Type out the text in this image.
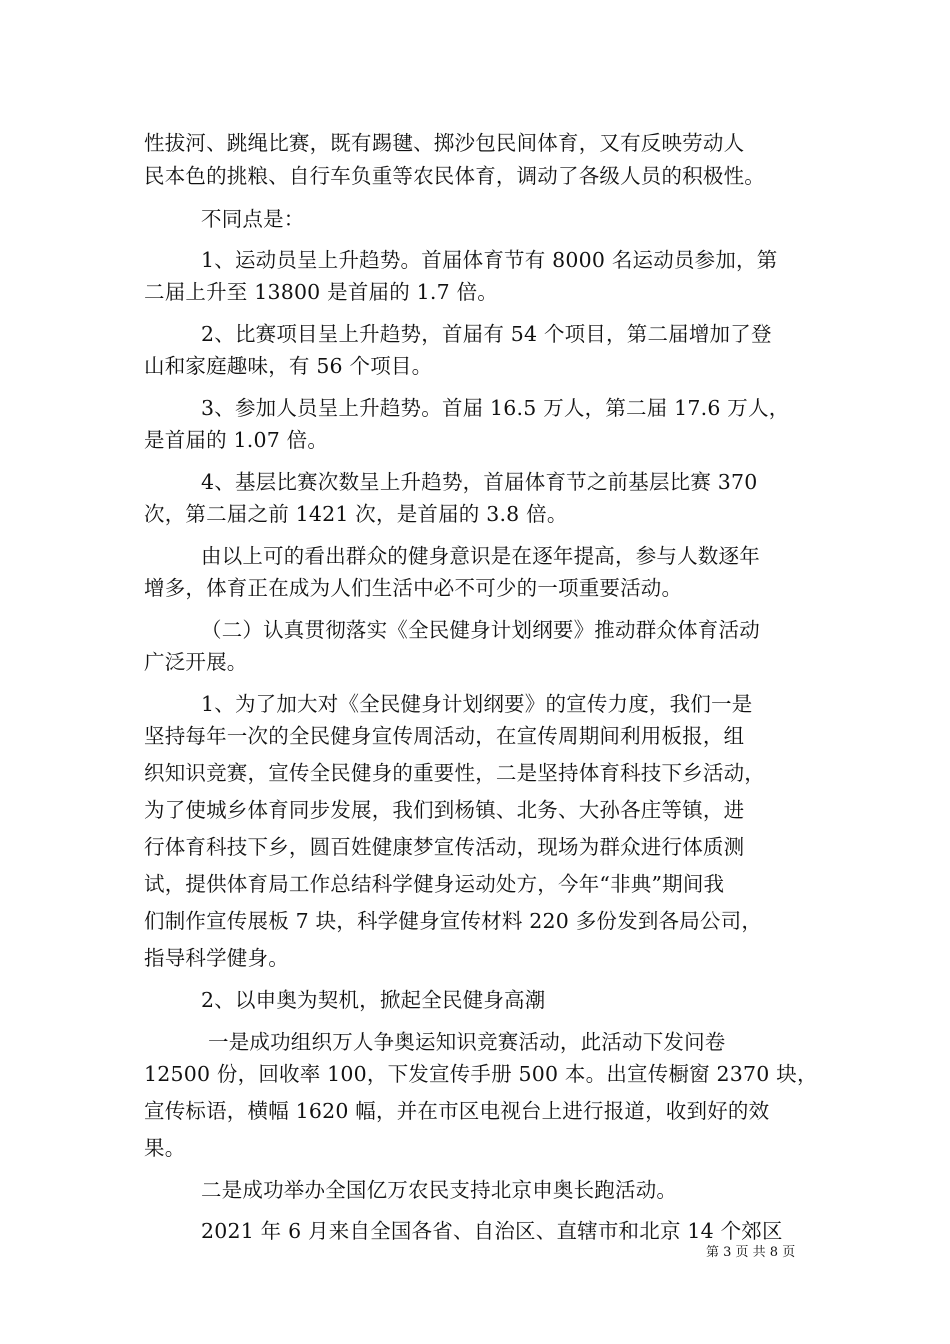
性拔河、跳绳比赛，既有踢毽、掷沙包民间体育，又有反映劳动人
民本色的挑粮、自行车负重等农民体育，调动了各级人员的积极性。
不同点是：
1、运动员呈上升趋势。首届体育节有 8000 名运动员参加，第
二届上升至 13800 是首届的 1.7 倍。
2、比赛项目呈上升趋势，首届有 54 个项目，第二届增加了登
山和家庭趣味，有 56 个项目。
3、参加人员呈上升趋势。首届 16.5 万人，第二届 17.6 万人，
是首届的 1.07 倍。
4、基层比赛次数呈上升趋势，首届体育节之前基层比赛 370
次，第二届之前 1421 次，是首届的 3.8 倍。
由以上可的看出群众的健身意识是在逐年提高，参与人数逐年
增多，体育正在成为人们生活中必不可少的一项重要活动。
（二）认真贯彻落实《全民健身计划纲要》推动群众体育活动
广泛开展。
1、为了加大对《全民健身计划纲要》的宣传力度，我们一是
坚持每年一次的全民健身宣传周活动，在宣传周期间利用板报，组
织知识竞赛，宣传全民健身的重要性，二是坚持体育科技下乡活动，
为了使城乡体育同步发展，我们到杨镇、北务、大孙各庄等镇，进
行体育科技下乡，圆百姓健康梦宣传活动，现场为群众进行体质测
试，提供体育局工作总结科学健身运动处方，今年“非典”期间我
们制作宣传展板 7 块，科学健身宣传材料 220 多份发到各局公司，
指导科学健身。
2、以申奥为契机，掀起全民健身高潮
一是成功组织万人争奥运知识竞赛活动，此活动下发问卷
12500 份，回收率 100，下发宣传手册 500 本。出宣传橱窗 2370 块，
宣传标语，横幅 1620 幅，并在市区电视台上进行报道，收到好的效
果。
二是成功举办全国亿万农民支持北京申奥长跑活动。
2021 年 6 月来自全国各省、自治区、直辖市和北京 14 个郊区
第 3 页 共 8 页
